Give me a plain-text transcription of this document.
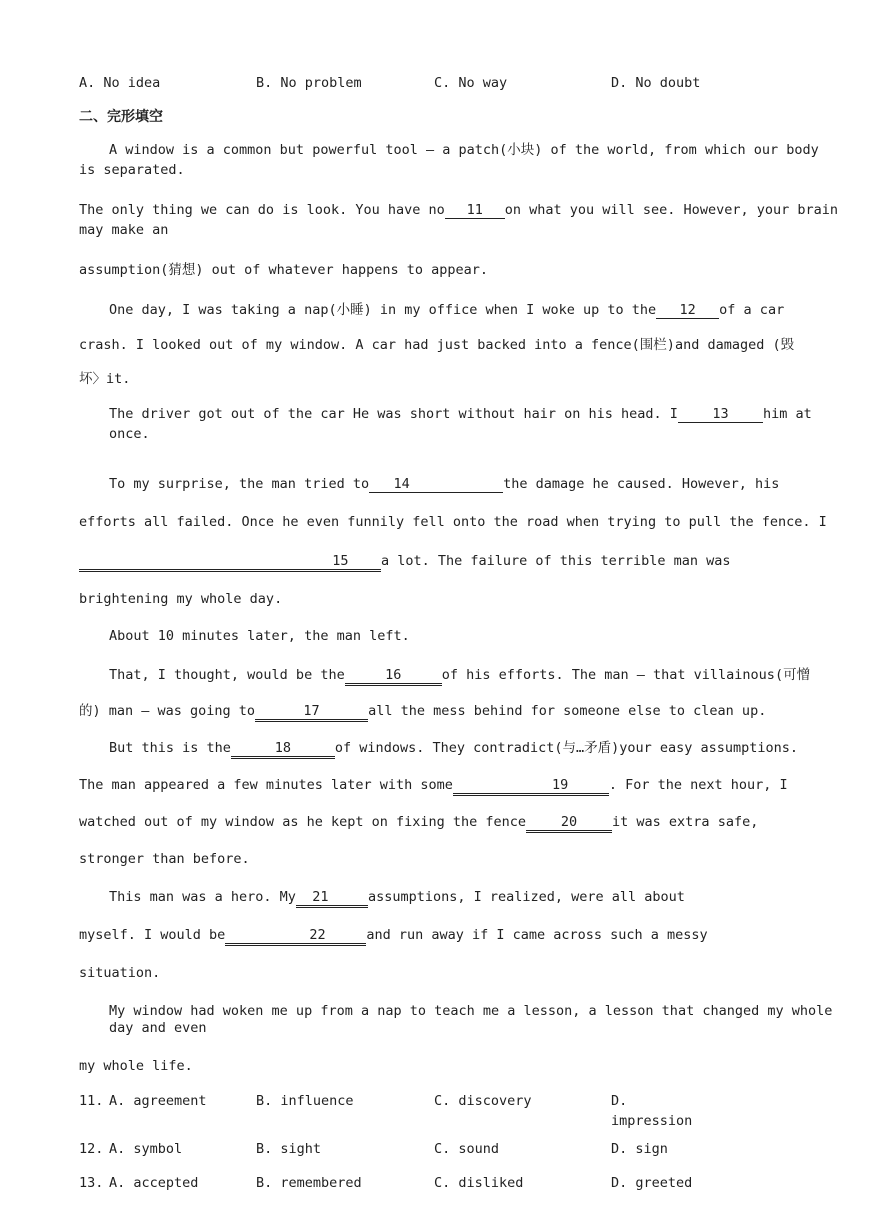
A. No idea	B. No problem	C. No way	D. No doubt
二、完形填空
A window is a common but powerful tool — a patch(小块) of the world, from which our body
is separated.
The only thing we can do is look. You have no 11 on what you will see. However, your brain
may make an
assumption(猜想) out of whatever happens to appear.
One day, I was taking a nap(小睡) in my office when I woke up to the 12 of a car
crash. I looked out of my window. A car had just backed into a fence(围栏)and damaged (毁
坏〉it.
The driver got out of the car He was short without hair on his head. I	13	him at
once.
To my surprise, the man tried to 14	the damage he caused. However, his
efforts all failed. Once he even funnily fell onto the road when trying to pull the fence. I
15 a lot. The failure of this terrible man was
brightening my whole day.
About 10 minutes later, the man left.
That, I thought, would be the	16	of his efforts. The man — that villainous(可憎
的) man — was going to	17	all the mess behind for someone else to clean up.
But this is the	18	of windows. They contradict(与…矛盾)your easy assumptions.
The man appeared a few minutes later with some	19	. For the next hour, I
watched out of my window as he kept on fixing the fence	20	it was extra safe,
stronger than before.
This man was a hero. My 21	assumptions, I realized, were all about
myself. I would be	22	and run away if I came across such a messy
situation.
My window had woken me up from a nap to teach me a lesson, a lesson that changed my whole
day and even
my whole life.
11. A. agreement	B. influence	C. discovery	D.
impression
12. A. symbol	B. sight	C. sound	D. sign
13. A. accepted	B. remembered	C. disliked	D. greeted
